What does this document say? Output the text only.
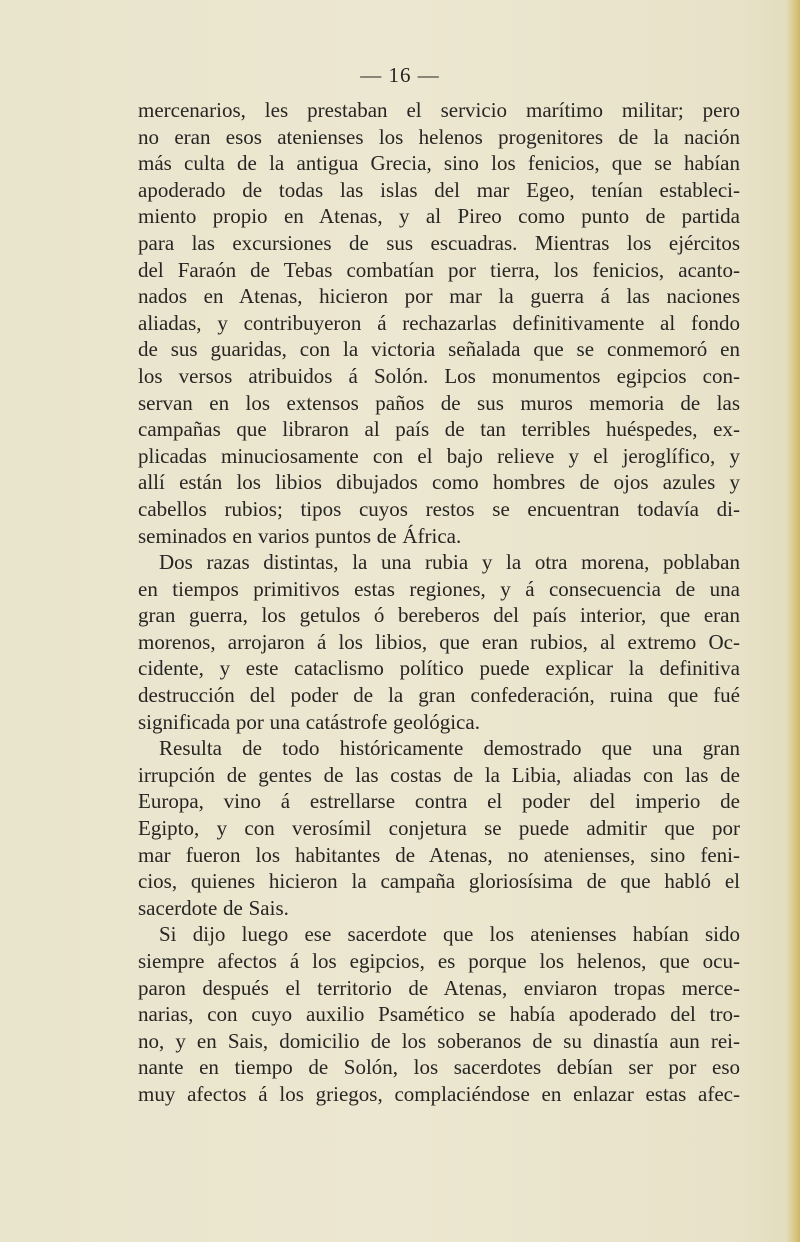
— 16 —
mercenarios, les prestaban el servicio marítimo militar; pero
no eran esos atenienses los helenos progenitores de la nación
más culta de la antigua Grecia, sino los fenicios, que se habían
apoderado de todas las islas del mar Egeo, tenían estableci-
miento propio en Atenas, y al Pireo como punto de partida
para las excursiones de sus escuadras. Mientras los ejércitos
del Faraón de Tebas combatían por tierra, los fenicios, acanto-
nados en Atenas, hicieron por mar la guerra á las naciones
aliadas, y contribuyeron á rechazarlas definitivamente al fondo
de sus guaridas, con la victoria señalada que se conmemoró en
los versos atribuidos á Solón. Los monumentos egipcios con-
servan en los extensos paños de sus muros memoria de las
campañas que libraron al país de tan terribles huéspedes, ex-
plicadas minuciosamente con el bajo relieve y el jeroglífico, y
allí están los libios dibujados como hombres de ojos azules y
cabellos rubios; tipos cuyos restos se encuentran todavía di-
seminados en varios puntos de África.
Dos razas distintas, la una rubia y la otra morena, poblaban
en tiempos primitivos estas regiones, y á consecuencia de una
gran guerra, los getulos ó bereberos del país interior, que eran
morenos, arrojaron á los libios, que eran rubios, al extremo Oc-
cidente, y este cataclismo político puede explicar la definitiva
destrucción del poder de la gran confederación, ruina que fué
significada por una catástrofe geológica.
Resulta de todo históricamente demostrado que una gran
irrupción de gentes de las costas de la Libia, aliadas con las de
Europa, vino á estrellarse contra el poder del imperio de
Egipto, y con verosímil conjetura se puede admitir que por
mar fueron los habitantes de Atenas, no atenienses, sino feni-
cios, quienes hicieron la campaña gloriosísima de que habló el
sacerdote de Sais.
Si dijo luego ese sacerdote que los atenienses habían sido
siempre afectos á los egipcios, es porque los helenos, que ocu-
paron después el territorio de Atenas, enviaron tropas merce-
narias, con cuyo auxilio Psamético se había apoderado del tro-
no, y en Sais, domicilio de los soberanos de su dinastía aun rei-
nante en tiempo de Solón, los sacerdotes debían ser por eso
muy afectos á los griegos, complaciéndose en enlazar estas afec-
